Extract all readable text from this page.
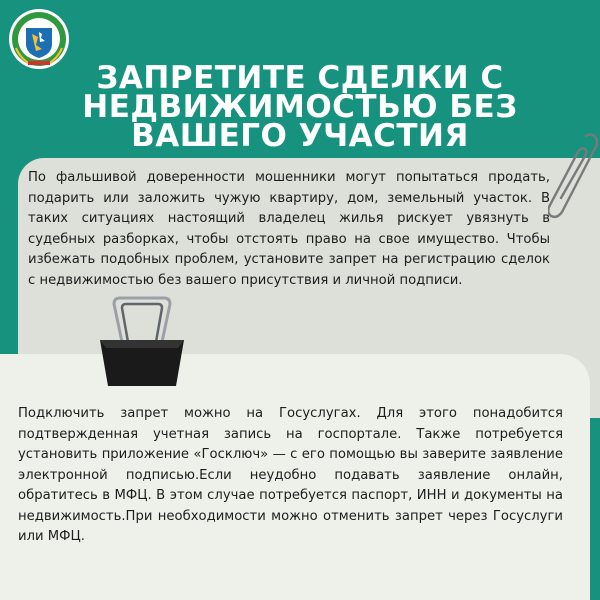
ЗАПРЕТИТЕ СДЕЛКИ С
НЕДВИЖИМОСТЬЮ БЕЗ
ВАШЕГО УЧАСТИЯ
По фальшивой доверенности мошенники могут попытаться продать, подарить или заложить чужую квартиру, дом, земельный участок. В таких ситуациях настоящий владелец жилья рискует увязнуть в судебных разборках, чтобы отстоять право на свое имущество. Чтобы избежать подобных проблем, установите запрет на регистрацию сделок с недвижимостью без вашего присутствия и личной подписи.
Подключить запрет можно на Госуслугах. Для этого понадобится подтвержденная учетная запись на госпортале. Также потребуется установить приложение «Госключ» — с его помощью вы заверите заявление электронной подписью.Если неудобно подавать заявление онлайн, обратитесь в МФЦ. В этом случае потребуется паспорт, ИНН и документы на недвижимость.При необходимости можно отменить запрет через Госуслуги или МФЦ.
